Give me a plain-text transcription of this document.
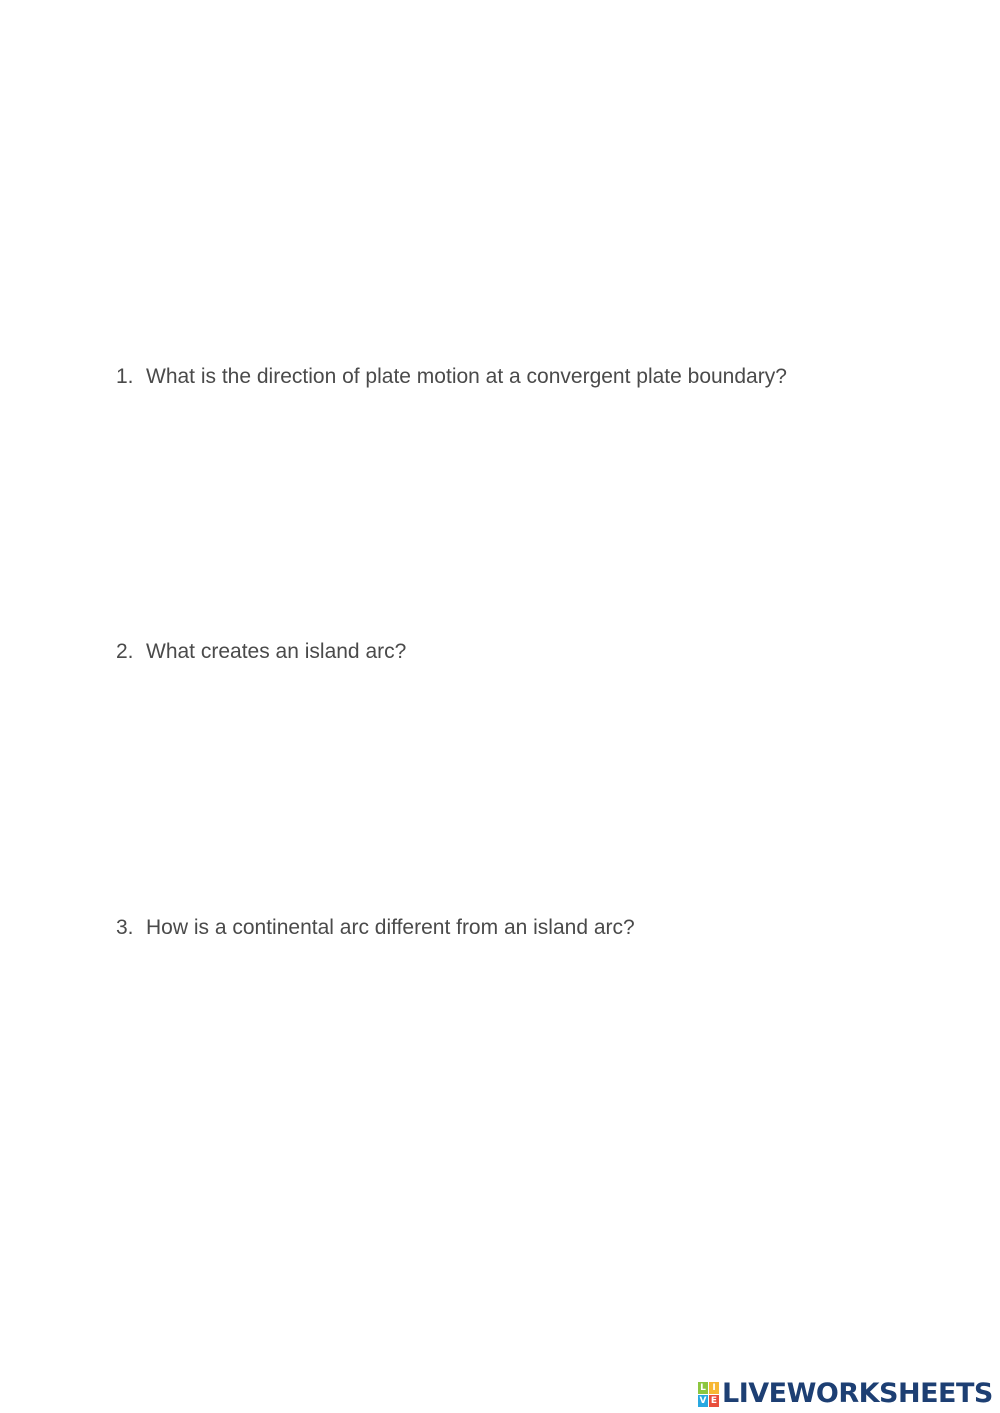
1. What is the direction of plate motion at a convergent plate boundary?
2. What creates an island arc?
3. How is a continental arc different from an island arc?
L I
V E LIVEWORKSHEETS
